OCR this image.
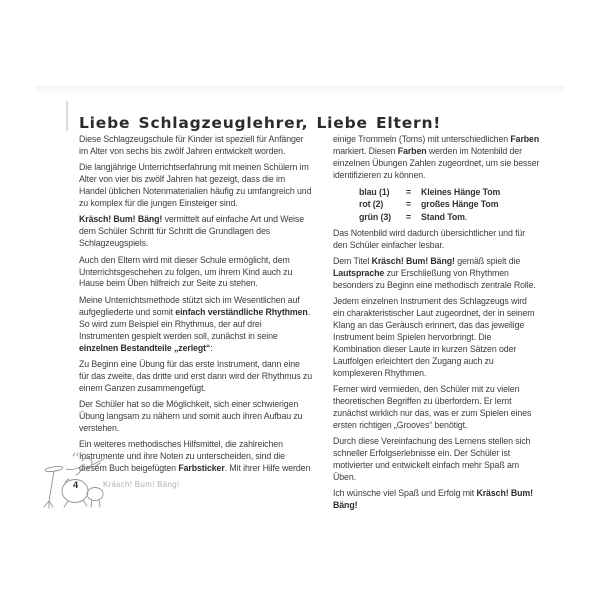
Liebe Schlagzeuglehrer, Liebe Eltern!

Diese Schlagzeugschule für Kinder ist speziell für Anfänger im Alter von sechs bis zwölf Jahren entwickelt worden.

Die langjährige Unterrichtserfahrung mit meinen Schülern im Alter von vier bis zwölf Jahren hat gezeigt, dass die im Handel üblichen Notenmaterialien häufig zu umfangreich und zu komplex für die jungen Einsteiger sind.

Kräsch! Bum! Bäng! vermittelt auf einfache Art und Weise dem Schüler Schritt für Schritt die Grundlagen des Schlagzeugspiels.

Auch den Eltern wird mit dieser Schule ermöglicht, dem Unterrichtsgeschehen zu folgen, um ihrem Kind auch zu Hause beim Üben hilfreich zur Seite zu stehen.

Meine Unterrichtsmethode stützt sich im Wesentlichen auf aufgegliederte und somit einfach verständliche Rhythmen. So wird zum Beispiel ein Rhythmus, der auf drei Instrumenten gespielt werden soll, zunächst in seine einzelnen Bestandteile „zerlegt“:

Zu Beginn eine Übung für das erste Instrument, dann eine für das zweite, das dritte und erst dann wird der Rhythmus zu einem Ganzen zusammengefügt.

Der Schüler hat so die Möglichkeit, sich einer schwierigen Übung langsam zu nähern und somit auch ihren Aufbau zu verstehen.

Ein weiteres methodisches Hilfsmittel, die zahlreichen Instrumente und ihre Noten zu unterscheiden, sind die diesem Buch beigefügten Farbsticker. Mit ihrer Hilfe werden

einige Trommeln (Toms) mit unterschiedlichen Farben markiert. Diesen Farben werden im Notenbild der einzelnen Übungen Zahlen zugeordnet, um sie besser identifizieren zu können.

blau (1)	=	Kleines Hänge Tom
rot (2)	=	großes Hänge Tom
grün (3)	=	Stand Tom .

Das Notenbild wird dadurch übersichtlicher und für den Schüler einfacher lesbar.

Dem Titel Kräsch! Bum! Bäng! gemäß spielt die Lautsprache zur Erschließung von Rhythmen besonders zu Beginn eine methodisch zentrale Rolle.

Jedem einzelnen Instrument des Schlagzeugs wird ein charakteristischer Laut zugeordnet, der in seinem Klang an das Geräusch erinnert, das das jeweilige Instrument beim Spielen hervorbringt. Die Kombination dieser Laute in kurzen Sätzen oder Lautfolgen erleichtert den Zugang auch zu komplexeren Rhythmen.

Ferner wird vermieden, den Schüler mit zu vielen theoretischen Begriffen zu überfordern. Er lernt zunächst wirklich nur das, was er zum Spielen eines ersten richtigen „Grooves“ benötigt.

Durch diese Vereinfachung des Lernens stellen sich schneller Erfolgserlebnisse ein. Der Schüler ist motivierter und entwickelt einfach mehr Spaß am Üben.

Ich wünsche viel Spaß und Erfolg mit Kräsch! Bum! Bäng!

4	Kräsch! Bum! Bäng!
